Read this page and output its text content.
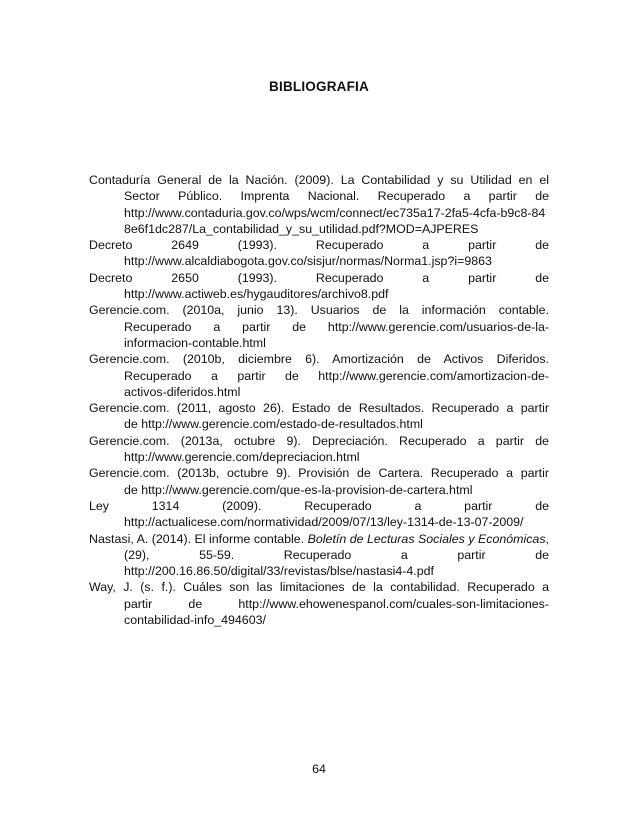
BIBLIOGRAFIA
Contaduría General de la Nación. (2009). La Contabilidad y su Utilidad en el
Sector Público. Imprenta Nacional. Recuperado a partir de
http://www.contaduria.gov.co/wps/wcm/connect/ec735a17-2fa5-4cfa-b9c8-848e6f1dc287/La_contabilidad_y_su_utilidad.pdf?MOD=AJPERES
Decreto 2649 (1993). Recuperado a partir de
http://www.alcaldiabogota.gov.co/sisjur/normas/Norma1.jsp?i=9863
Decreto 2650 (1993). Recuperado a partir de
http://www.actiweb.es/hygauditores/archivo8.pdf
Gerencie.com. (2010a, junio 13). Usuarios de la información contable.
Recuperado a partir de http://www.gerencie.com/usuarios-de-la-
informacion-contable.html
Gerencie.com. (2010b, diciembre 6). Amortización de Activos Diferidos.
Recuperado a partir de http://www.gerencie.com/amortizacion-de-
activos-diferidos.html
Gerencie.com. (2011, agosto 26). Estado de Resultados. Recuperado a partir
de http://www.gerencie.com/estado-de-resultados.html
Gerencie.com. (2013a, octubre 9). Depreciación. Recuperado a partir de
http://www.gerencie.com/depreciacion.html
Gerencie.com. (2013b, octubre 9). Provisión de Cartera. Recuperado a partir
de http://www.gerencie.com/que-es-la-provision-de-cartera.html
Ley 1314 (2009). Recuperado a partir de
http://actualicese.com/normatividad/2009/07/13/ley-1314-de-13-07-2009/
Nastasi, A. (2014). El informe contable. Boletín de Lecturas Sociales y Económicas, (29), 55-59. Recuperado a partir de
http://200.16.86.50/digital/33/revistas/blse/nastasi4-4.pdf
Way, J. (s. f.). Cuáles son las limitaciones de la contabilidad. Recuperado a
partir de http://www.ehowenespanol.com/cuales-son-limitaciones-
contabilidad-info_494603/
64
